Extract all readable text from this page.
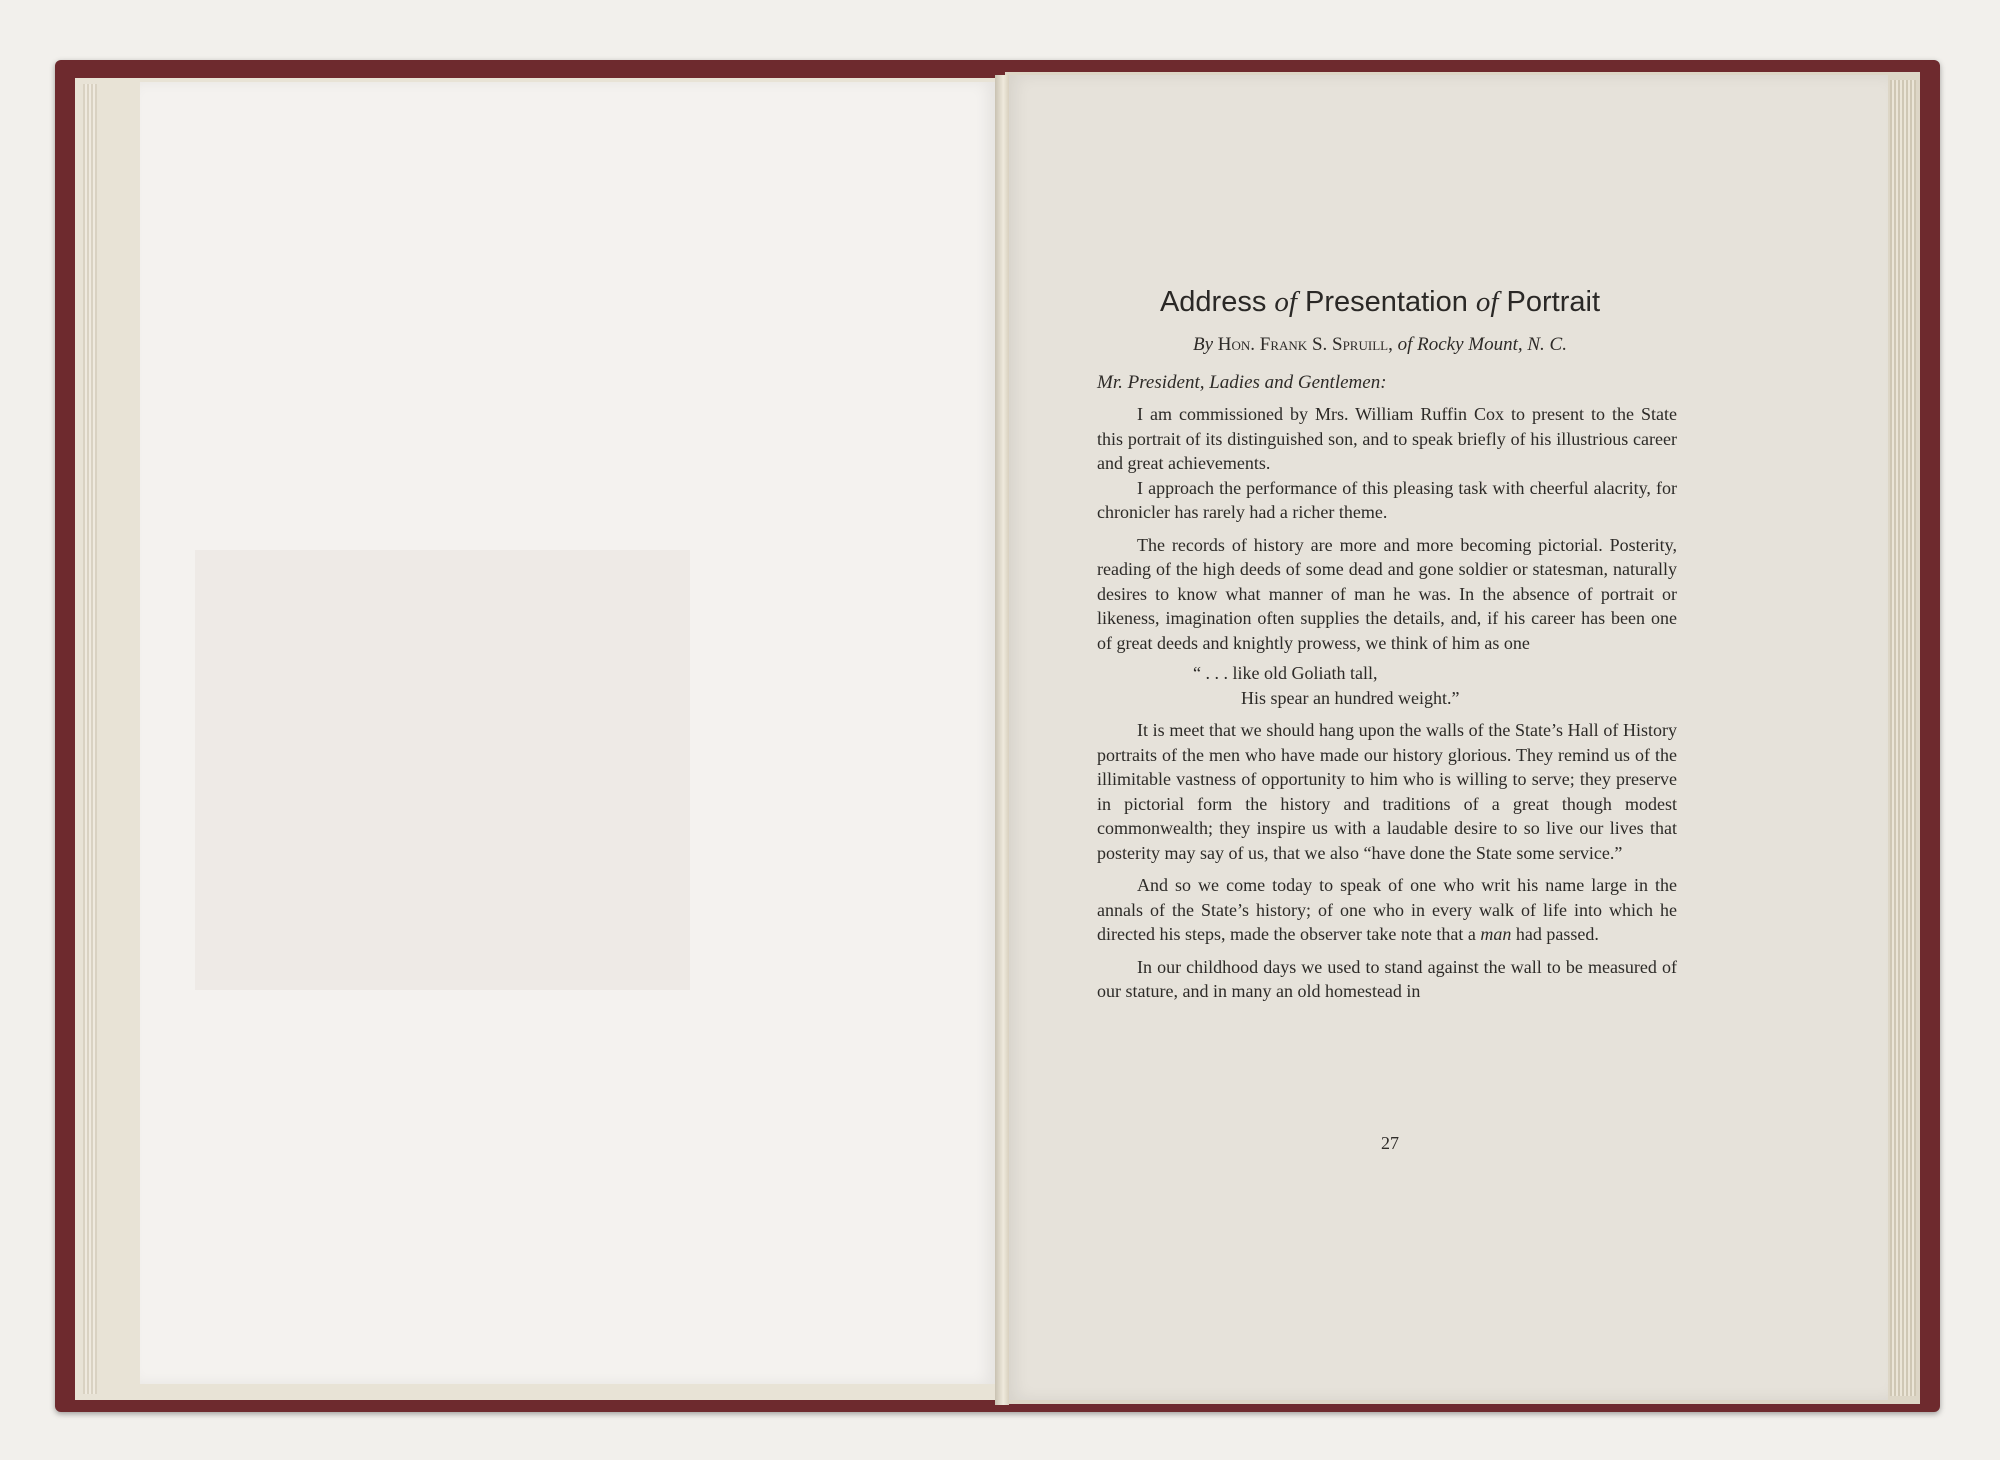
Address of Presentation of Portrait
By Hon. Frank S. Spruill, of Rocky Mount, N. C.
Mr. President, Ladies and Gentlemen:

I am commissioned by Mrs. William Ruffin Cox to present to the State this portrait of its distinguished son, and to speak briefly of his illustrious career and great achievements.

I approach the performance of this pleasing task with cheerful alacrity, for chronicler has rarely had a richer theme.

The records of history are more and more becoming pictorial. Posterity, reading of the high deeds of some dead and gone soldier or statesman, naturally desires to know what manner of man he was. In the absence of portrait or likeness, imagination often supplies the details, and, if his career has been one of great deeds and knightly prowess, we think of him as one

“ . . . like old Goliath tall,
His spear an hundred weight.”

It is meet that we should hang upon the walls of the State’s Hall of History portraits of the men who have made our history glorious. They remind us of the illimitable vastness of opportunity to him who is willing to serve; they preserve in pictorial form the history and traditions of a great though modest commonwealth; they inspire us with a laudable desire to so live our lives that posterity may say of us, that we also “have done the State some service.”

And so we come today to speak of one who writ his name large in the annals of the State’s history; of one who in every walk of life into which he directed his steps, made the observer take note that a man had passed.

In our childhood days we used to stand against the wall to be measured of our stature, and in many an old homestead in

27
